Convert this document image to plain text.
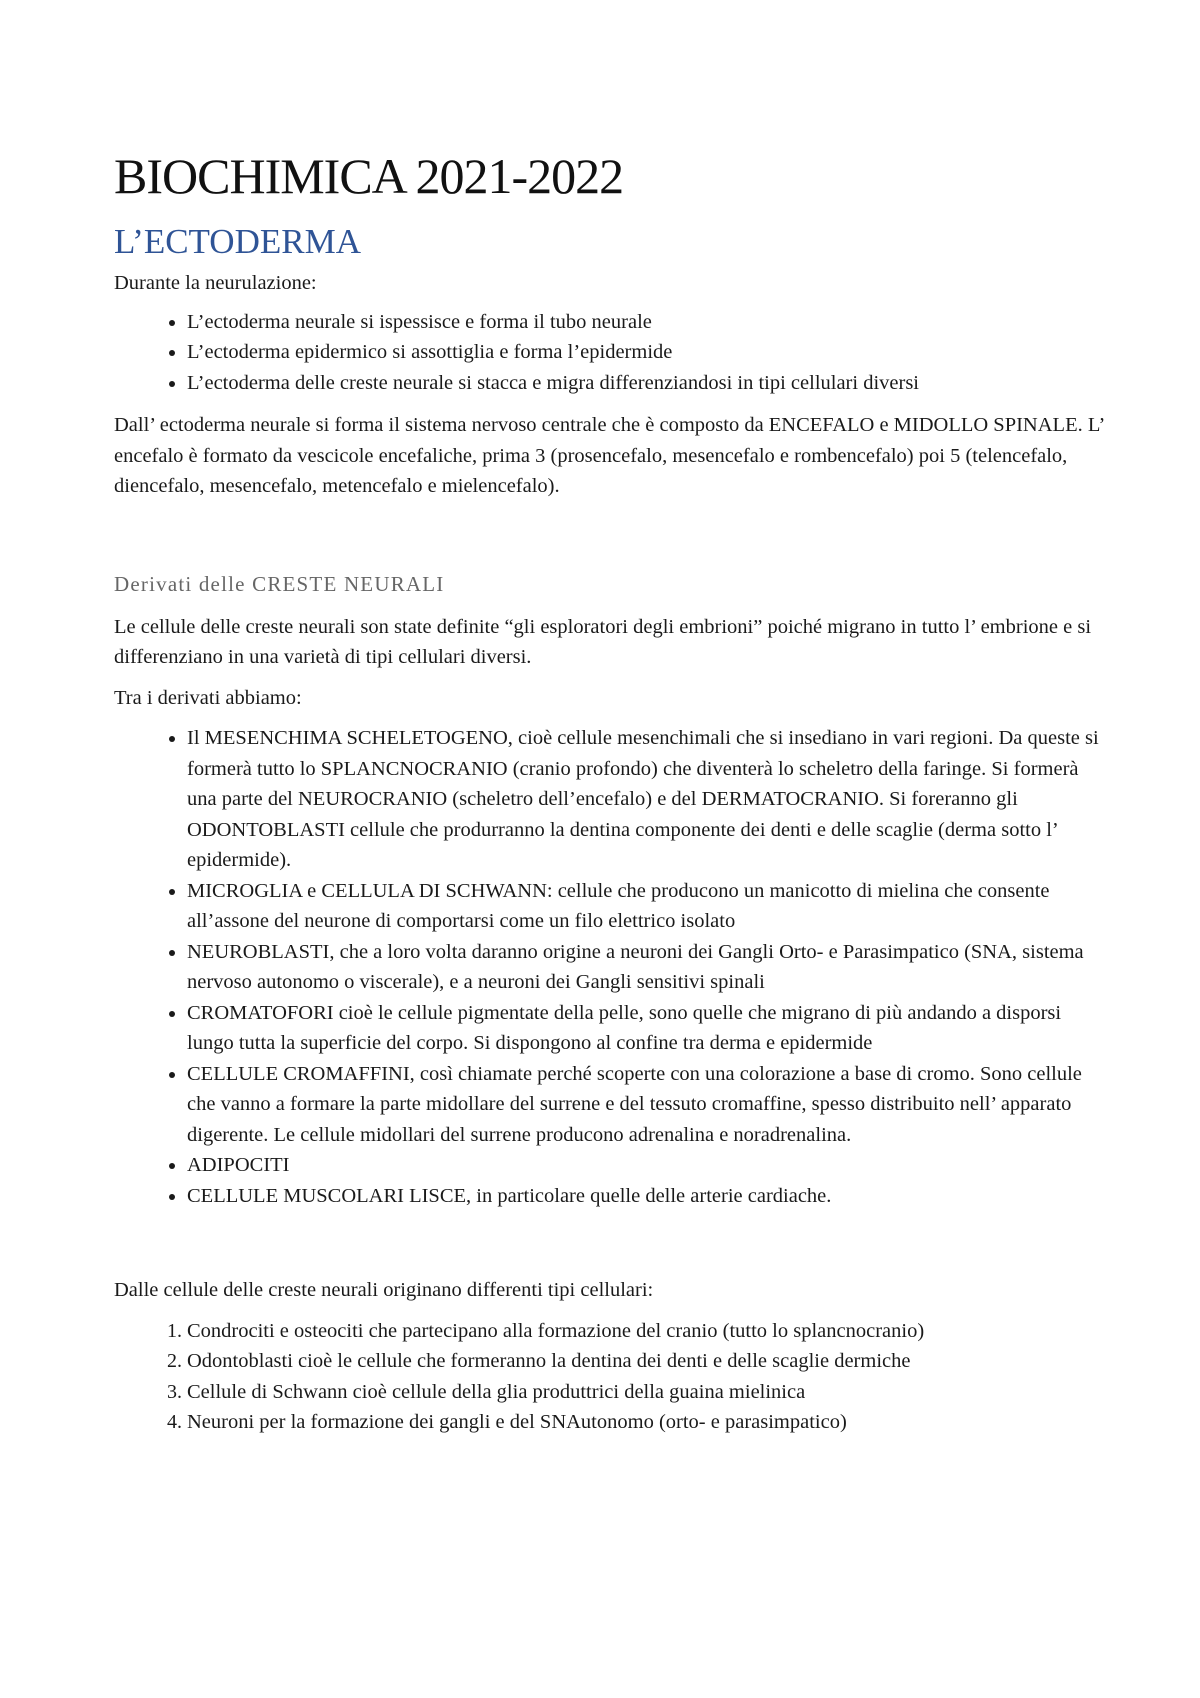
BIOCHIMICA 2021-2022
L’ECTODERMA

Durante la neurulazione:

• L’ectoderma neurale si ispessisce e forma il tubo neurale
• L’ectoderma epidermico si assottiglia e forma l’epidermide
• L’ectoderma delle creste neurale si stacca e migra differenziandosi in tipi cellulari diversi

Dall’ ectoderma neurale si forma il sistema nervoso centrale che è composto da ENCEFALO e MIDOLLO SPINALE. L’ encefalo è formato da vescicole encefaliche, prima 3 (prosencefalo, mesencefalo e rombencefalo) poi 5 (telencefalo, diencefalo, mesencefalo, metencefalo e mielencefalo).

Derivati delle CRESTE NEURALI

Le cellule delle creste neurali son state definite “gli esploratori degli embrioni” poiché migrano in tutto l’ embrione e si differenziano in una varietà di tipi cellulari diversi.

Tra i derivati abbiamo:

• Il MESENCHIMA SCHELETOGENO, cioè cellule mesenchimali che si insediano in vari regioni. Da queste si formerà tutto lo SPLANCNOCRANIO (cranio profondo) che diventerà lo scheletro della faringe. Si formerà una parte del NEUROCRANIO (scheletro dell’encefalo) e del DERMATOCRANIO. Si foreranno gli ODONTOBLASTI cellule che produrranno la dentina componente dei denti e delle scaglie (derma sotto l’ epidermide).
• MICROGLIA e CELLULA DI SCHWANN: cellule che producono un manicotto di mielina che consente all’assone del neurone di comportarsi come un filo elettrico isolato
• NEUROBLASTI, che a loro volta daranno origine a neuroni dei Gangli Orto- e Parasimpatico (SNA, sistema nervoso autonomo o viscerale), e a neuroni dei Gangli sensitivi spinali
• CROMATOFORI cioè le cellule pigmentate della pelle, sono quelle che migrano di più andando a disporsi lungo tutta la superficie del corpo. Si dispongono al confine tra derma e epidermide
• CELLULE CROMAFFINI, così chiamate perché scoperte con una colorazione a base di cromo. Sono cellule che vanno a formare la parte midollare del surrene e del tessuto cromaffine, spesso distribuito nell’ apparato digerente. Le cellule midollari del surrene producono adrenalina e noradrenalina.
• ADIPOCITI
• CELLULE MUSCOLARI LISCE, in particolare quelle delle arterie cardiache.

Dalle cellule delle creste neurali originano differenti tipi cellulari:

1. Condrociti e osteociti che partecipano alla formazione del cranio (tutto lo splancnocranio)
2. Odontoblasti cioè le cellule che formeranno la dentina dei denti e delle scaglie dermiche
3. Cellule di Schwann cioè cellule della glia produttrici della guaina mielinica
4. Neuroni per la formazione dei gangli e del SNAutonomo (orto- e parasimpatico)
